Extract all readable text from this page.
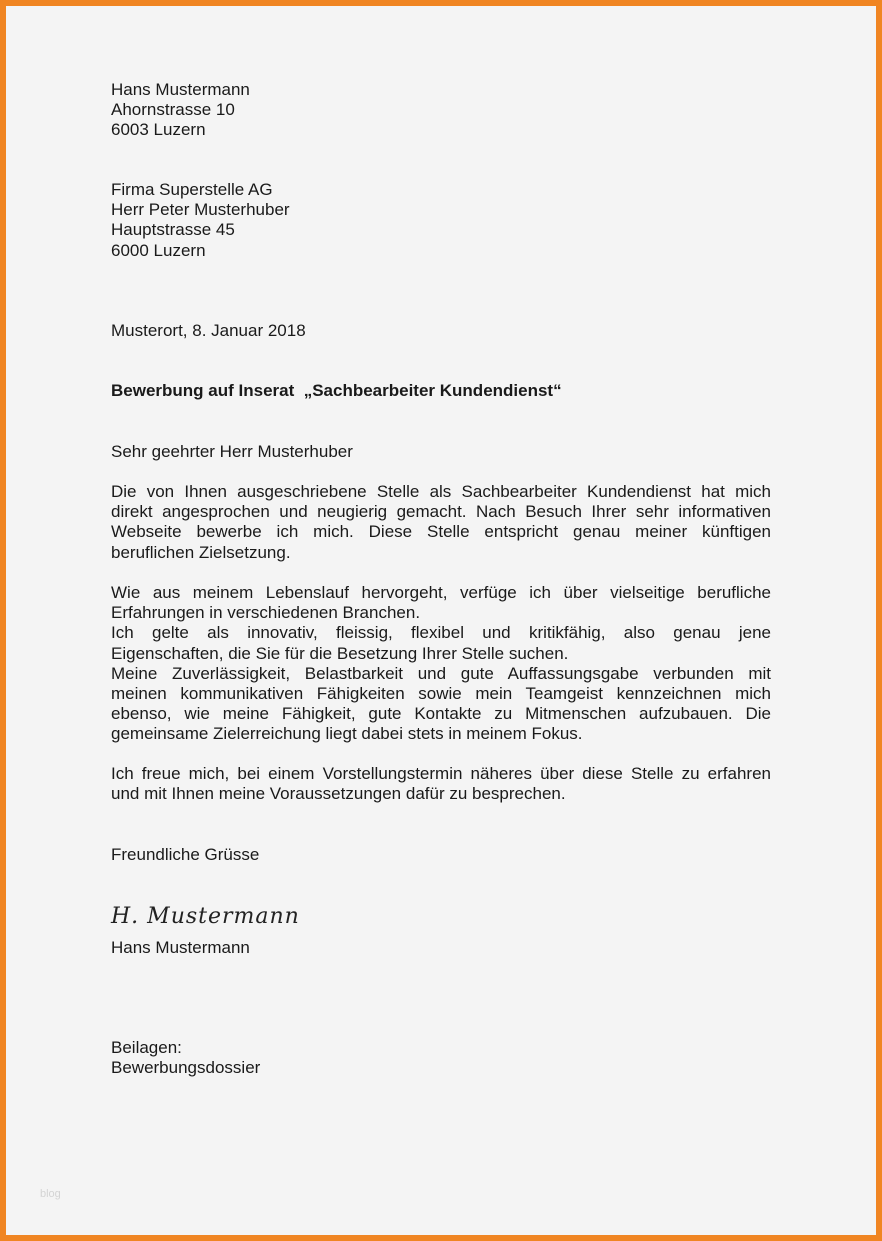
Hans Mustermann
Ahornstrasse 10
6003 Luzern
Firma Superstelle AG
Herr Peter Musterhuber
Hauptstrasse 45
6000 Luzern
Musterort, 8. Januar 2018
Bewerbung auf Inserat  „Sachbearbeiter Kundendienst“
Sehr geehrter Herr Musterhuber
Die von Ihnen ausgeschriebene Stelle als Sachbearbeiter Kundendienst hat mich
direkt angesprochen und neugierig gemacht. Nach Besuch Ihrer sehr informativen
Webseite bewerbe ich mich. Diese Stelle entspricht genau meiner künftigen
beruflichen Zielsetzung.
Wie aus meinem Lebenslauf hervorgeht, verfüge ich über vielseitige berufliche
Erfahrungen in verschiedenen Branchen.
Ich gelte als innovativ, fleissig, flexibel und kritikfähig, also genau jene
Eigenschaften, die Sie für die Besetzung Ihrer Stelle suchen.
Meine Zuverlässigkeit, Belastbarkeit und gute Auffassungsgabe verbunden mit
meinen kommunikativen Fähigkeiten sowie mein Teamgeist kennzeichnen mich
ebenso, wie meine Fähigkeit, gute Kontakte zu Mitmenschen aufzubauen. Die
gemeinsame Zielerreichung liegt dabei stets in meinem Fokus.
Ich freue mich, bei einem Vorstellungstermin näheres über diese Stelle zu erfahren
und mit Ihnen meine Voraussetzungen dafür zu besprechen.
Freundliche Grüsse
H. Mustermann
Hans Mustermann
Beilagen:
Bewerbungsdossier
blog
